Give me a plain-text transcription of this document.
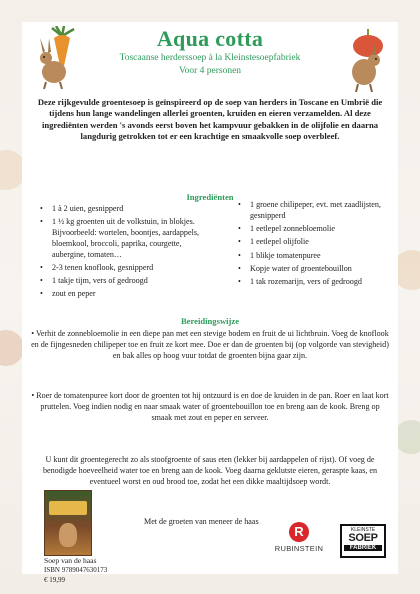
Aqua cotta
Toscaanse herderssoep à la Kleinstesoepfabriek
Voor 4 personen
Deze rijkgevulde groentesoep is geïnspireerd op de soep van herders in Toscane en Umbrië die tijdens hun lange wandelingen allerlei groenten, kruiden en eieren verzamelden. Al deze ingrediënten werden 's avonds eerst boven het kampvuur gebakken in de olijfolie en daarna langdurig getrokken tot er een krachtige en smaakvolle soep overbleef.
Ingrediënten
• 1 à 2 uien, gesnipperd
• 1 ½ kg groenten uit de volkstuin, in blokjes. Bijvoorbeeld: wortelen, boontjes, aardappels, bloemkool, broccoli, paprika, courgette, aubergine, tomaten…
• 2-3 tenen knoflook, gesnipperd
• 1 takje tijm, vers of gedroogd
• zout en peper
• 1 groene chilipeper, evt. met zaadlijsten, gesnipperd
• 1 eetlepel zonnebloemolie
• 1 eetlepel olijfolie
• 1 blikje tomatenpuree
• Kopje water of groentebouillon
• 1 tak rozemarijn, vers of gedroogd
Bereidingswijze
• Verhit de zonnebloemolie in een diepe pan met een stevige bodem en fruit de ui lichtbruin. Voeg de knoflook en de fijngesneden chilipeper toe en fruit ze kort mee. Doe er dan de groenten bij (op volgorde van stevigheid) en bak alles op hoog vuur totdat de groenten bijna gaar zijn.
• Roer de tomatenpuree kort door de groenten tot hij ontzuurd is en doe de kruiden in de pan. Roer en laat kort pruttelen. Voeg indien nodig en naar smaak water of groentebouillon toe en breng aan de kook. Breng op smaak met zout en peper en serveer.
U kunt dit groentegerecht zo als stoofgroente of saus eten (lekker bij aardappelen of rijst). Of voeg de benodigde hoeveelheid water toe en breng aan de kook. Voeg daarna geklutste eieren, geraspte kaas, en eventueel worst en oud brood toe, zodat het een dikke maaltijdsoep wordt.
Met de groeten van meneer de haas
Soep van de haas
ISBN 9789047630173
€ 19,99
R
RUBINSTEIN
KLEINSTE
SOEP
FABRIEK
